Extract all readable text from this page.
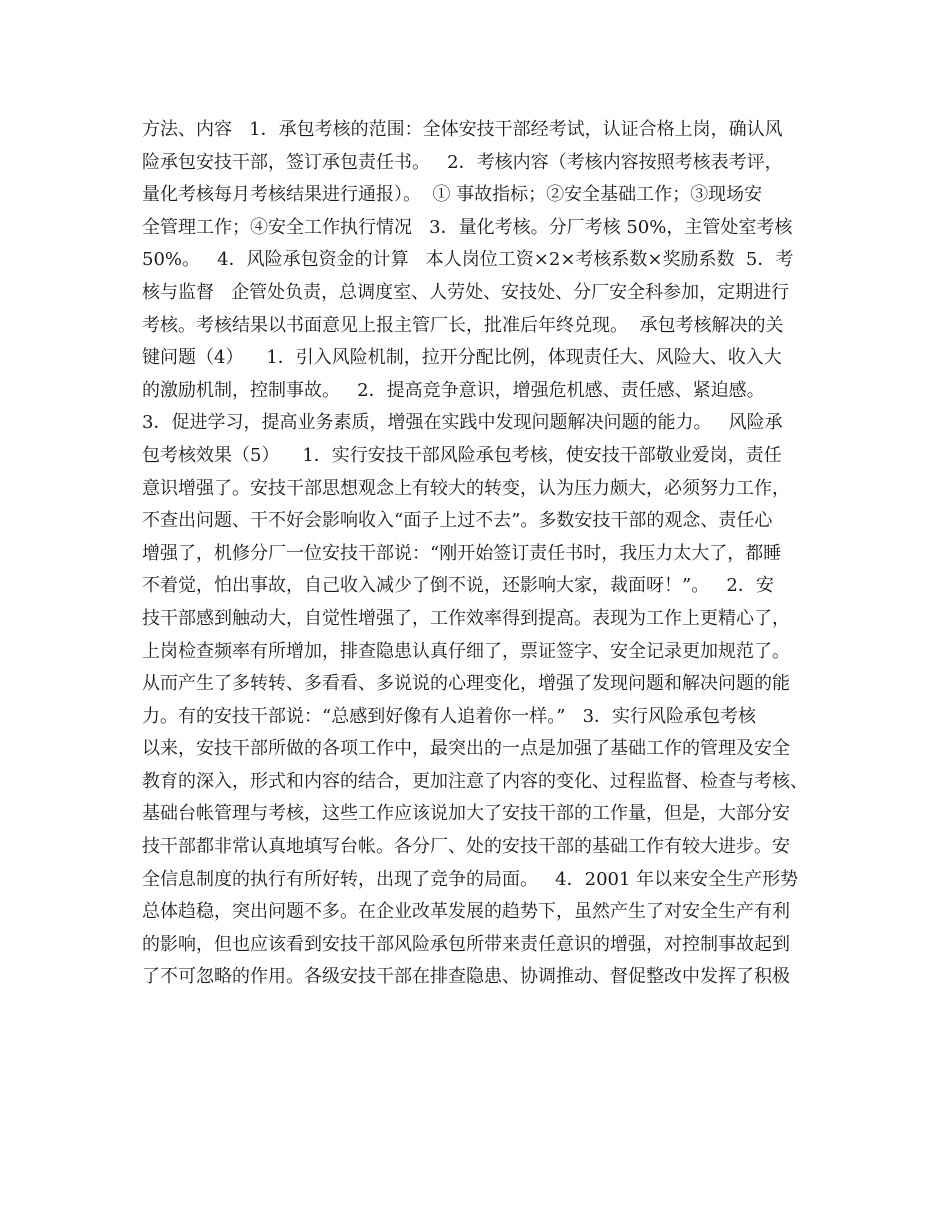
方法、内容   1．承包考核的范围：全体安技干部经考试，认证合格上岗，确认风
险承包安技干部，签订承包责任书。   2．考核内容（考核内容按照考核表考评，
量化考核每月考核结果进行通报）。  ① 事故指标；②安全基础工作；③现场安
全管理工作；④安全工作执行情况   3．量化考核。分厂考核 50%，主管处室考核
50%。   4．风险承包资金的计算   本人岗位工资×2×考核系数×奖励系数  5．考
核与监督   企管处负责，总调度室、人劳处、安技处、分厂安全科参加，定期进行
考核。考核结果以书面意见上报主管厂长，批准后年终兑现。  承包考核解决的关
键问题（4）    1．引入风险机制，拉开分配比例，体现责任大、风险大、收入大
的激励机制，控制事故。   2．提高竞争意识，增强危机感、责任感、紧迫感。
3．促进学习，提高业务素质，增强在实践中发现问题解决问题的能力。   风险承
包考核效果（5）    1．实行安技干部风险承包考核，使安技干部敬业爱岗，责任
意识增强了。安技干部思想观念上有较大的转变，认为压力颇大，必须努力工作，
不查出问题、干不好会影响收入“面子上过不去”。多数安技干部的观念、责任心
增强了，机修分厂一位安技干部说：“刚开始签订责任书时，我压力太大了，都睡
不着觉，怕出事故，自己收入减少了倒不说，还影响大家，裁面呀！”。   2．安
技干部感到触动大，自觉性增强了，工作效率得到提高。表现为工作上更精心了，
上岗检查频率有所增加，排查隐患认真仔细了，票证签字、安全记录更加规范了。
从而产生了多转转、多看看、多说说的心理变化，增强了发现问题和解决问题的能
力。有的安技干部说：“总感到好像有人追着你一样。”   3．实行风险承包考核
以来，安技干部所做的各项工作中，最突出的一点是加强了基础工作的管理及安全
教育的深入，形式和内容的结合，更加注意了内容的变化、过程监督、检查与考核、
基础台帐管理与考核，这些工作应该说加大了安技干部的工作量，但是，大部分安
技干部都非常认真地填写台帐。各分厂、处的安技干部的基础工作有较大进步。安
全信息制度的执行有所好转，出现了竞争的局面。   4．2001 年以来安全生产形势
总体趋稳，突出问题不多。在企业改革发展的趋势下，虽然产生了对安全生产有利
的影响，但也应该看到安技干部风险承包所带来责任意识的增强，对控制事故起到
了不可忽略的作用。各级安技干部在排查隐患、协调推动、督促整改中发挥了积极
